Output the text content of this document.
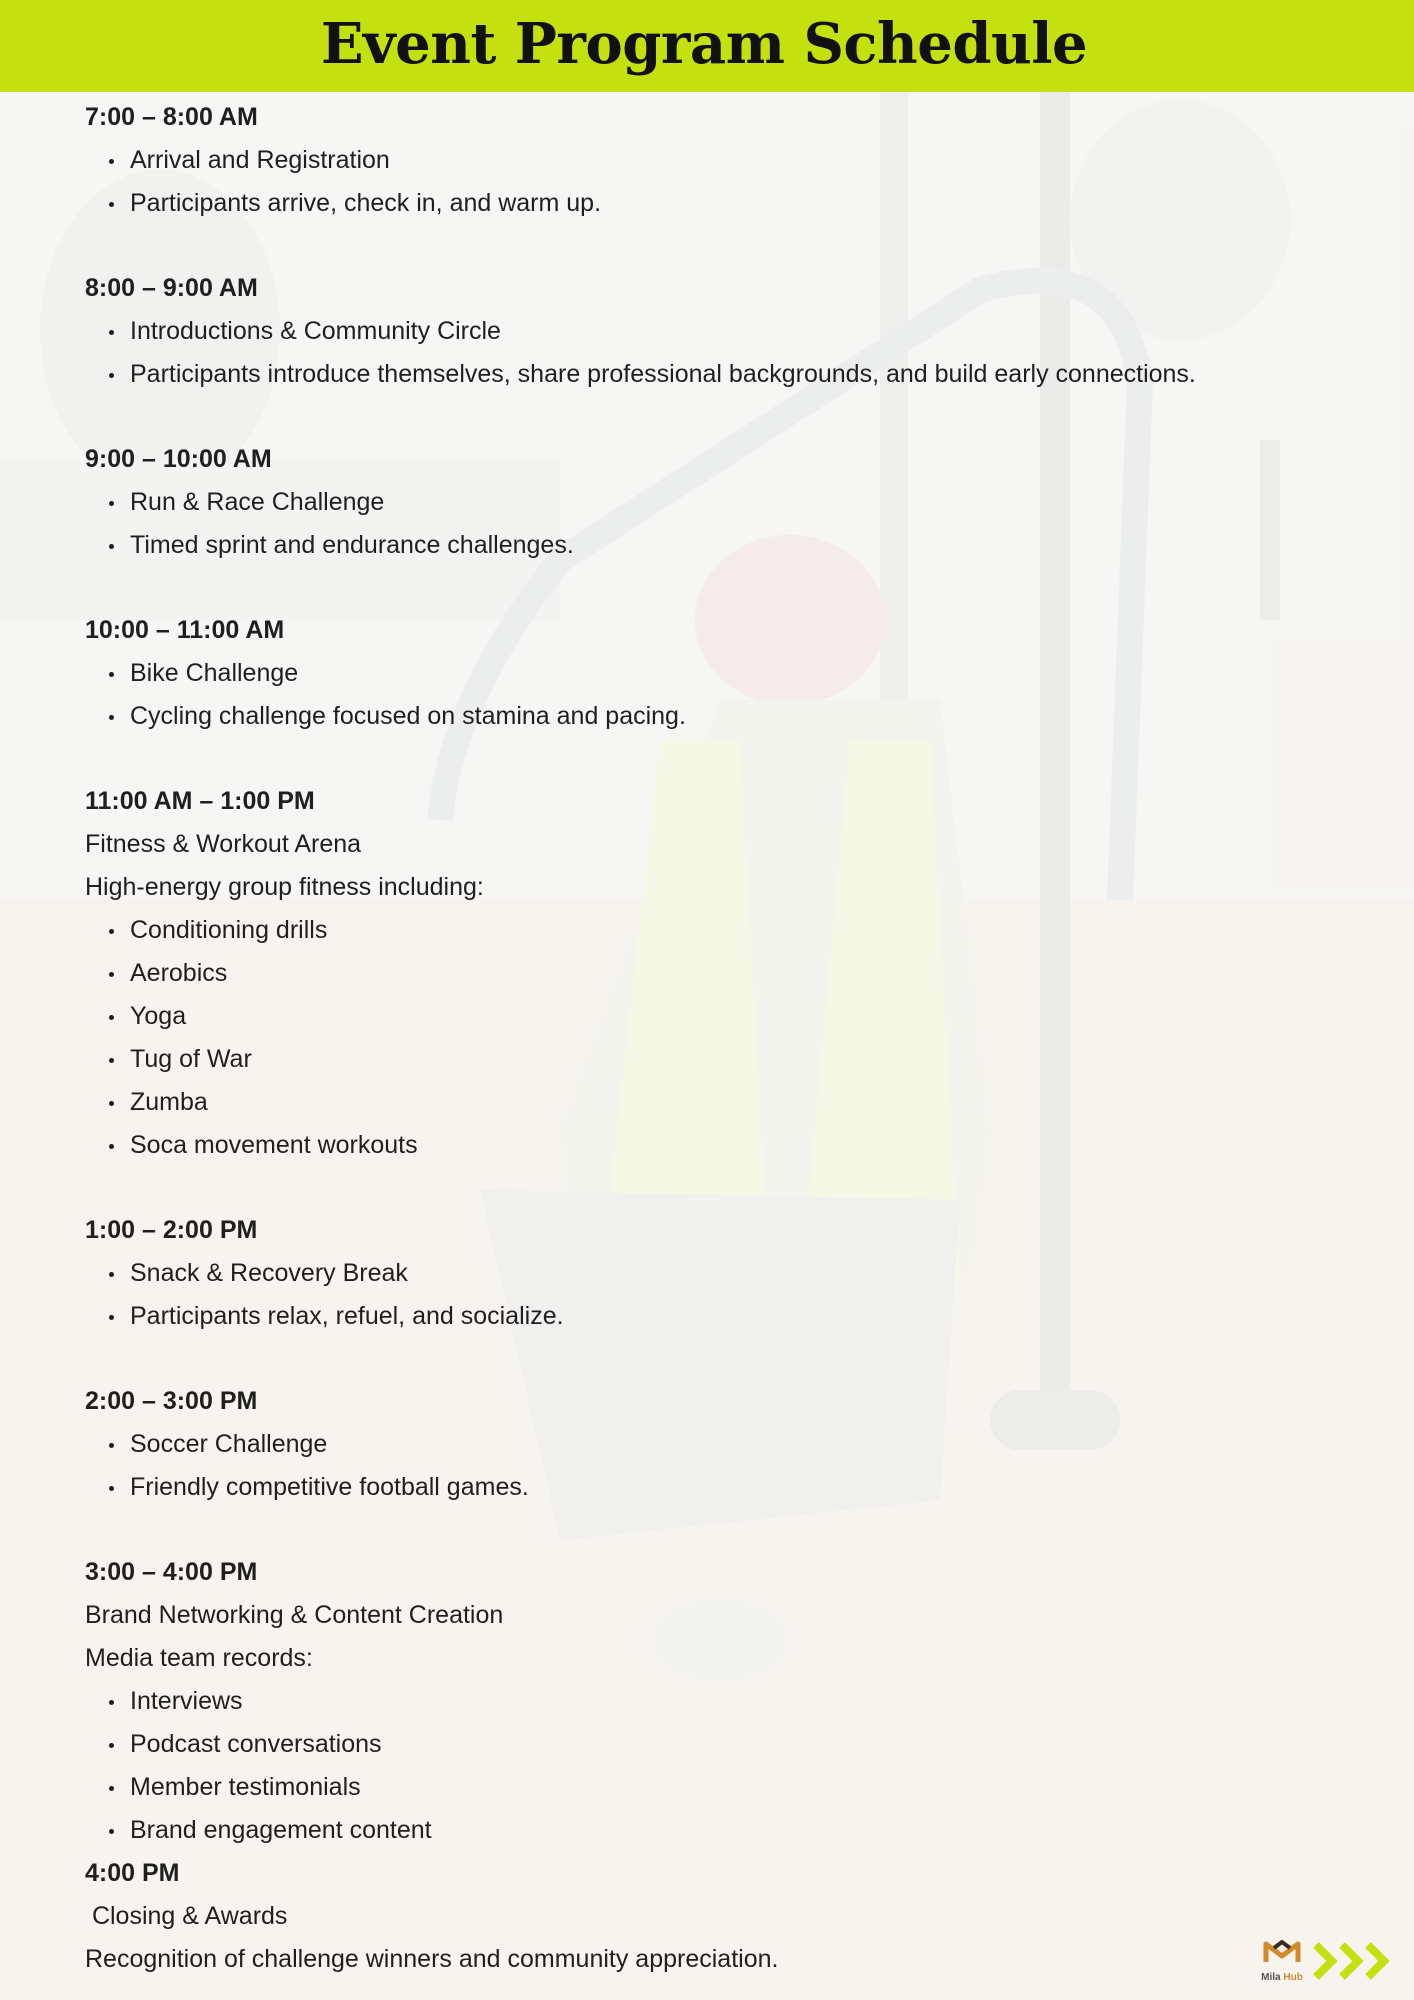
Event Program Schedule

7:00 – 8:00 AM

Arrival and Registration
Participants arrive, check in, and warm up.

8:00 – 9:00 AM

Introductions & Community Circle
Participants introduce themselves, share professional backgrounds, and build early connections.

9:00 – 10:00 AM

Run & Race Challenge
Timed sprint and endurance challenges.

10:00 – 11:00 AM

Bike Challenge
Cycling challenge focused on stamina and pacing.

11:00 AM – 1:00 PM

Fitness & Workout Arena

High-energy group fitness including:

Conditioning drills
Aerobics
Yoga
Tug of War
Zumba
Soca movement workouts

1:00 – 2:00 PM

Snack & Recovery Break
Participants relax, refuel, and socialize.

2:00 – 3:00 PM

Soccer Challenge
Friendly competitive football games.

3:00 – 4:00 PM

Brand Networking & Content Creation

Media team records:

Interviews
Podcast conversations
Member testimonials
Brand engagement content

4:00 PM

Closing & Awards

Recognition of challenge winners and community appreciation.

Mila Hub
